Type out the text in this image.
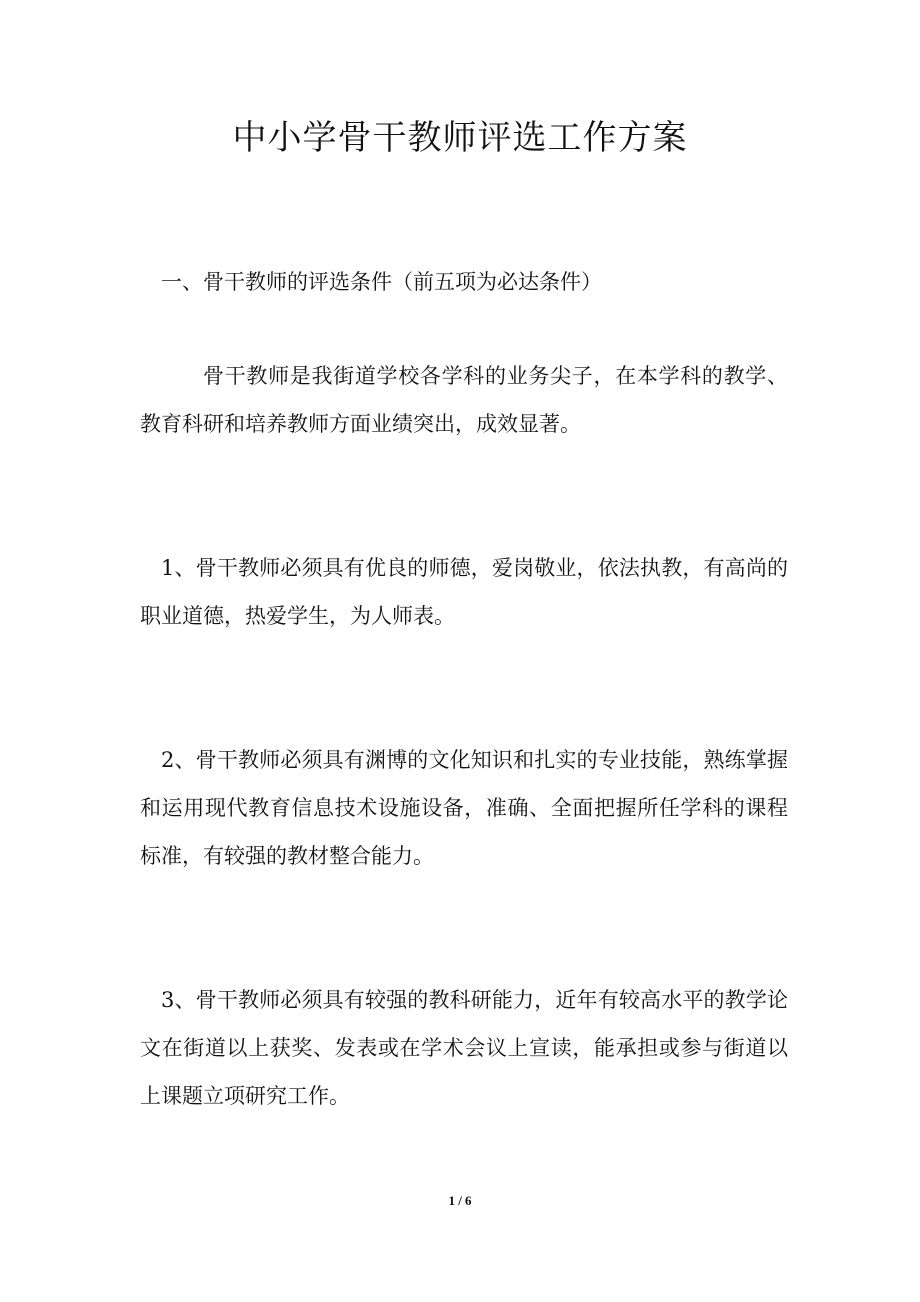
中小学骨干教师评选工作方案

一、骨干教师的评选条件（前五项为必达条件）

骨干教师是我街道学校各学科的业务尖子，在本学科的教学、教育科研和培养教师方面业绩突出，成效显著。

1、骨干教师必须具有优良的师德，爱岗敬业，依法执教，有高尚的职业道德，热爱学生，为人师表。

2、骨干教师必须具有渊博的文化知识和扎实的专业技能，熟练掌握和运用现代教育信息技术设施设备，准确、全面把握所任学科的课程标准，有较强的教材整合能力。

3、骨干教师必须具有较强的教科研能力，近年有较高水平的教学论文在街道以上获奖、发表或在学术会议上宣读，能承担或参与街道以上课题立项研究工作。

1 / 6
